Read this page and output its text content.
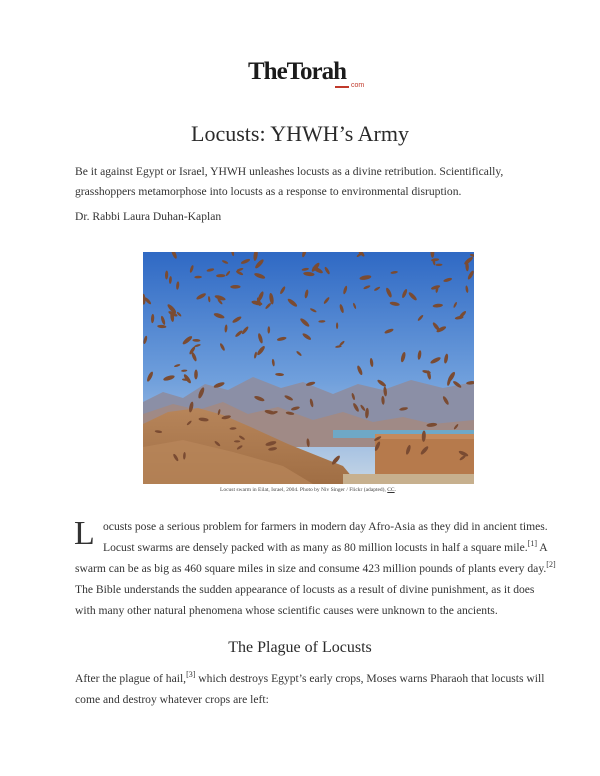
TheTorah
com
Locusts: YHWH’s Army

Be it against Egypt or Israel, YHWH unleashes locusts as a divine retribution. Scientifically, grasshoppers metamorphose into locusts as a response to environmental disruption.

Dr. Rabbi Laura Duhan-Kaplan

Locust swarm in Eilat, Israel, 2004. Photo by Niv Singer / Flickr (adapted), CC.
L ocusts pose a serious problem for farmers in modern day Afro-Asia as they did in ancient times.
Locust swarms are densely packed with as many as 80 million locusts in half a square mile.[1] A
swarm can be as big as 460 square miles in size and consume 423 million pounds of plants every day.[2]
The Bible understands the sudden appearance of locusts as a result of divine punishment, as it does
with many other natural phenomena whose scientific causes were unknown to the ancients.

The Plague of Locusts

After the plague of hail,[3] which destroys Egypt’s early crops, Moses warns Pharaoh that locusts will
come and destroy whatever crops are left:
